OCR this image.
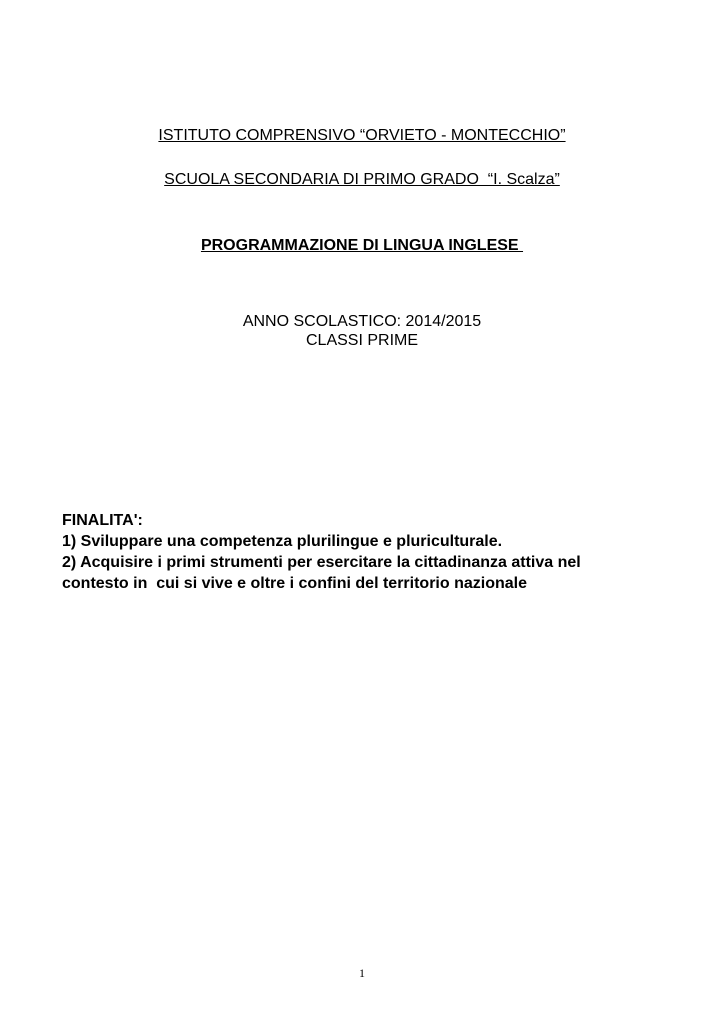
ISTITUTO COMPRENSIVO “ORVIETO - MONTECCHIO”
SCUOLA SECONDARIA DI PRIMO GRADO  “I. Scalza”
PROGRAMMAZIONE DI LINGUA INGLESE
ANNO SCOLASTICO: 2014/2015
CLASSI PRIME
FINALITA':
1) Sviluppare una competenza plurilingue e pluriculturale.
2) Acquisire i primi strumenti per esercitare la cittadinanza attiva nel
contesto in  cui si vive e oltre i confini del territorio nazionale
1
